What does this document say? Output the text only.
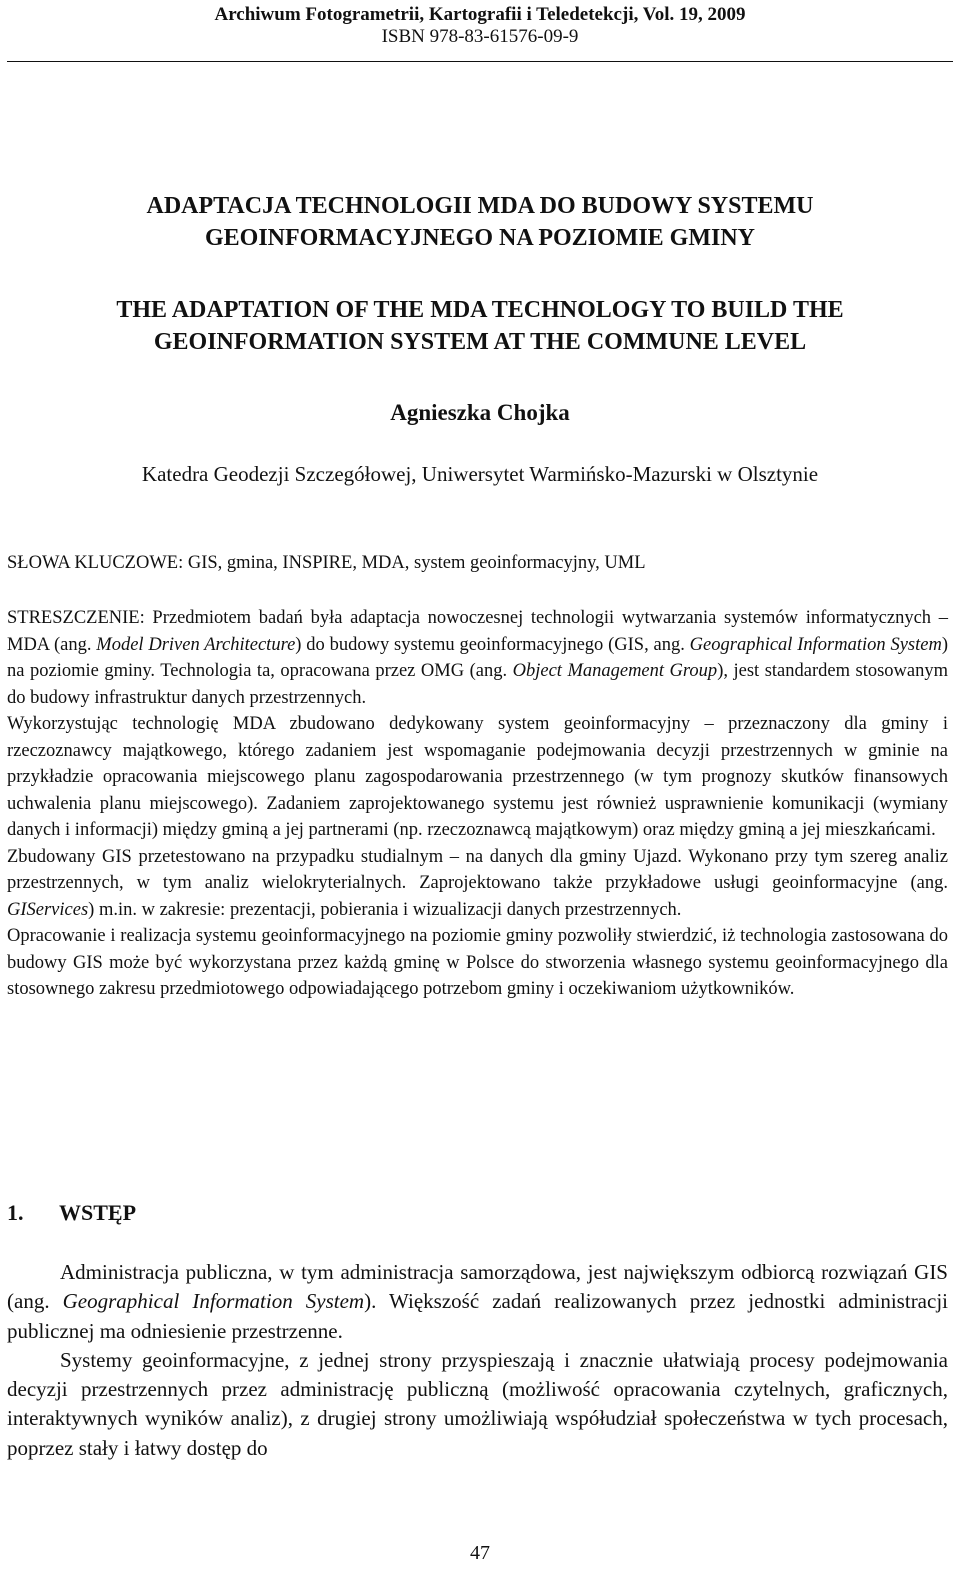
Archiwum Fotogrametrii, Kartografii i Teledetekcji, Vol. 19, 2009
ISBN 978-83-61576-09-9
ADAPTACJA TECHNOLOGII MDA DO BUDOWY SYSTEMU
GEOINFORMACYJNEGO NA POZIOMIE GMINY
THE ADAPTATION OF THE MDA TECHNOLOGY TO BUILD THE
GEOINFORMATION SYSTEM AT THE COMMUNE LEVEL
Agnieszka Chojka
Katedra Geodezji Szczegółowej, Uniwersytet Warmińsko-Mazurski w Olsztynie
SŁOWA KLUCZOWE: GIS, gmina, INSPIRE, MDA, system geoinformacyjny, UML

STRESZCZENIE: Przedmiotem badań była adaptacja nowoczesnej technologii wytwarzania systemów informatycznych – MDA (ang. Model Driven Architecture) do budowy systemu geoinformacyjnego (GIS, ang. Geographical Information System) na poziomie gminy. Technologia ta, opracowana przez OMG (ang. Object Management Group), jest standardem stosowanym do budowy infrastruktur danych przestrzennych.

Wykorzystując technologię MDA zbudowano dedykowany system geoinformacyjny – przeznaczony dla gminy i rzeczoznawcy majątkowego, którego zadaniem jest wspomaganie podejmowania decyzji przestrzennych w gminie na przykładzie opracowania miejscowego planu zagospodarowania przestrzennego (w tym prognozy skutków finansowych uchwalenia planu miejscowego). Zadaniem zaprojektowanego systemu jest również usprawnienie komunikacji (wymiany danych i informacji) między gminą a jej partnerami (np. rzeczoznawcą majątkowym) oraz między gminą a jej mieszkańcami.

Zbudowany GIS przetestowano na przypadku studialnym – na danych dla gminy Ujazd. Wykonano przy tym szereg analiz przestrzennych, w tym analiz wielokryterialnych. Zaprojektowano także przykładowe usługi geoinformacyjne (ang. GIServices) m.in. w zakresie: prezentacji, pobierania i wizualizacji danych przestrzennych.

Opracowanie i realizacja systemu geoinformacyjnego na poziomie gminy pozwoliły stwierdzić, iż technologia zastosowana do budowy GIS może być wykorzystana przez każdą gminę w Polsce do stworzenia własnego systemu geoinformacyjnego dla stosownego zakresu przedmiotowego odpowiadającego potrzebom gminy i oczekiwaniom użytkowników.

1. WSTĘP

Administracja publiczna, w tym administracja samorządowa, jest największym odbiorcą rozwiązań GIS (ang. Geographical Information System). Większość zadań realizowanych przez jednostki administracji publicznej ma odniesienie przestrzenne.

Systemy geoinformacyjne, z jednej strony przyspieszają i znacznie ułatwiają procesy podejmowania decyzji przestrzennych przez administrację publiczną (możliwość opracowania czytelnych, graficznych, interaktywnych wyników analiz), z drugiej strony umożliwiają współudział społeczeństwa w tych procesach, poprzez stały i łatwy dostęp do

47
